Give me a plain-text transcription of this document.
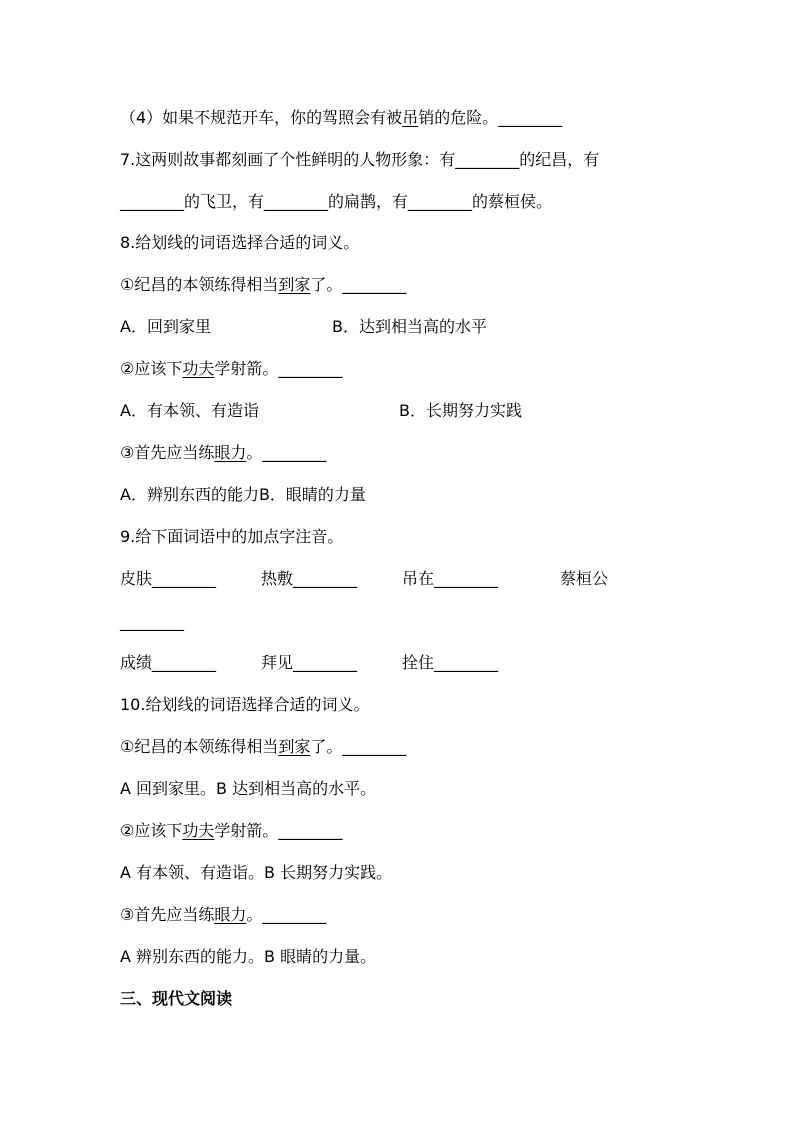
（4）如果不规范开车，你的驾照会有被吊销的危险。________
7.这两则故事都刻画了个性鲜明的人物形象：有________的纪昌，有
________的飞卫，有________的扁鹊，有________的蔡桓侯。
8.给划线的词语选择合适的词义。
①纪昌的本领练得相当到家了。________
A．回到家里	B．达到相当高的水平
②应该下功夫学射箭。________
A．有本领、有造诣	B．长期努力实践
③首先应当练眼力。________
A．辨别东西的能力B．眼睛的力量
9.给下面词语中的加点字注音。
皮肤________	热敷________	吊在________	蔡桓公
________
成绩________	拜见________	拴住________
10.给划线的词语选择合适的词义。
①纪昌的本领练得相当到家了。________
A 回到家里。B 达到相当高的水平。
②应该下功夫学射箭。________
A 有本领、有造诣。B 长期努力实践。
③首先应当练眼力。________
A 辨别东西的能力。B 眼睛的力量。
三、现代文阅读
